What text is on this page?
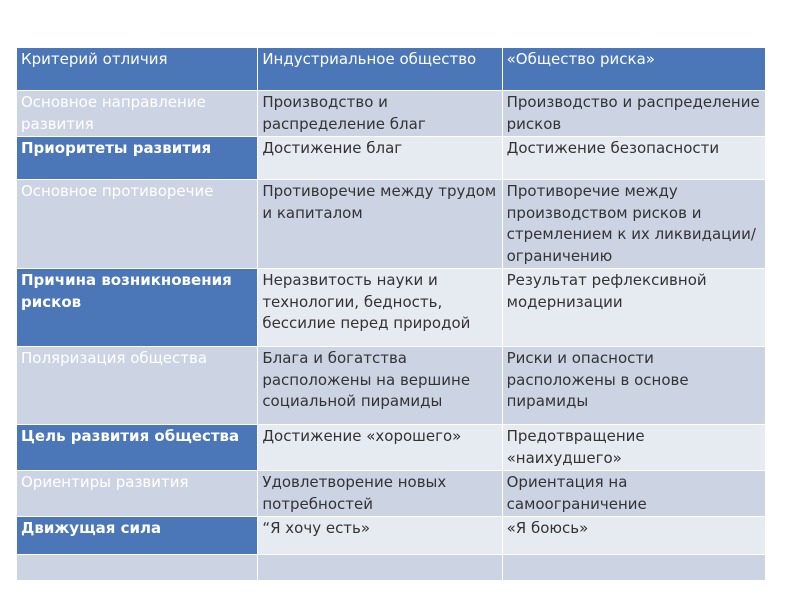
Критерий отличия	Индустриальное общество	«Общество риска»
Основное направление развития	Производство и распределение благ	Производство и распределение рисков
Приоритеты развития	Достижение благ	Достижение безопасности
Основное противоречие	Противоречие между трудом и капиталом	Противоречие между производством рисков и стремлением к их ликвидации/ограничению
Причина возникновения рисков	Неразвитость науки и технологии, бедность, бессилие перед природой	Результат рефлексивной модернизации
Поляризация общества	Блага и богатства расположены на вершине социальной пирамиды	Риски и опасности расположены в основе пирамиды
Цель развития общества	Достижение «хорошего»	Предотвращение «наихудшего»
Ориентиры развития	Удовлетворение новых потребностей	Ориентация на самоограничение
Движущая сила	“Я хочу есть»	«Я боюсь»
